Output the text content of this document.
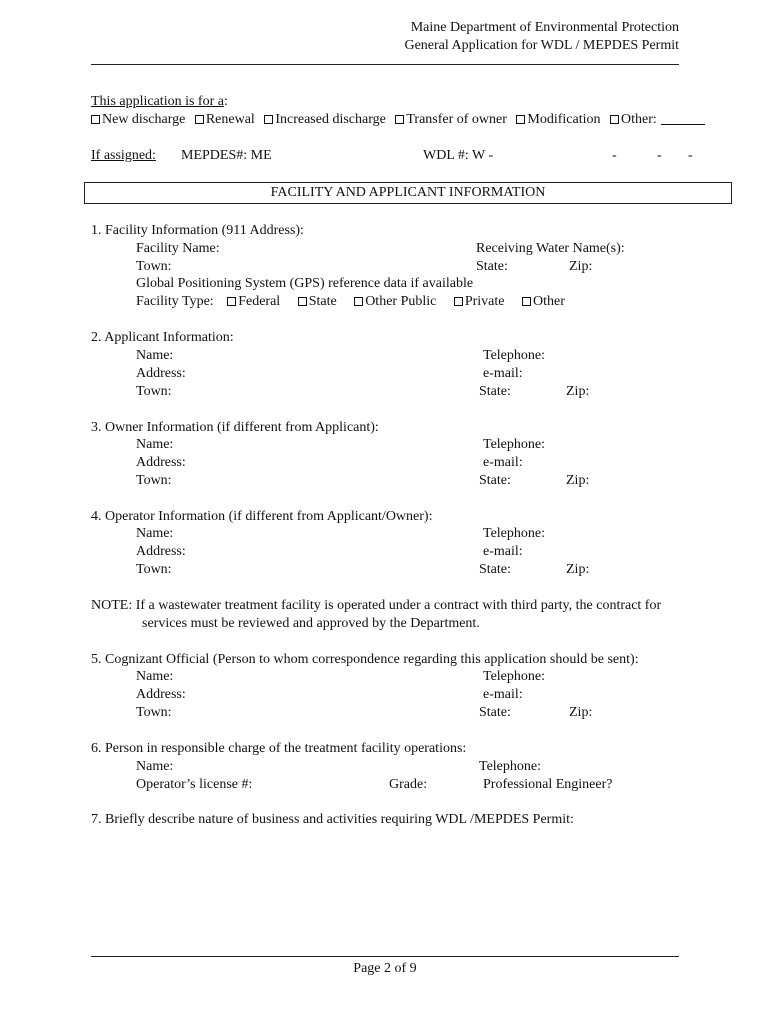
Maine Department of Environmental Protection
General Application for WDL / MEPDES Permit
This application is for a:
New discharge Renewal Increased discharge Transfer of owner Modification Other:
If assigned: MEPDES#: ME	WDL #: W -	-	- -
FACILITY AND APPLICANT INFORMATION
1. Facility Information (911 Address):
Facility Name:	Receiving Water Name(s):
Town:	State:	Zip:
Global Positioning System (GPS) reference data if available
Facility Type: Federal State Other Public Private Other
2. Applicant Information:
Name:	Telephone:
Address:	e-mail:
Town:	State:	Zip:
3. Owner Information (if different from Applicant):
Name:	Telephone:
Address:	e-mail:
Town:	State:	Zip:
4. Operator Information (if different from Applicant/Owner):
Name:	Telephone:
Address:	e-mail:
Town:	State:	Zip:
NOTE: If a wastewater treatment facility is operated under a contract with third party, the contract for
services must be reviewed and approved by the Department.
5. Cognizant Official (Person to whom correspondence regarding this application should be sent):
Name:	Telephone:
Address:	e-mail:
Town:	State:	Zip:
6. Person in responsible charge of the treatment facility operations:
Name:	Telephone:
Operator’s license #:	Grade:	Professional Engineer?
7. Briefly describe nature of business and activities requiring WDL /MEPDES Permit:
Page 2 of 9
